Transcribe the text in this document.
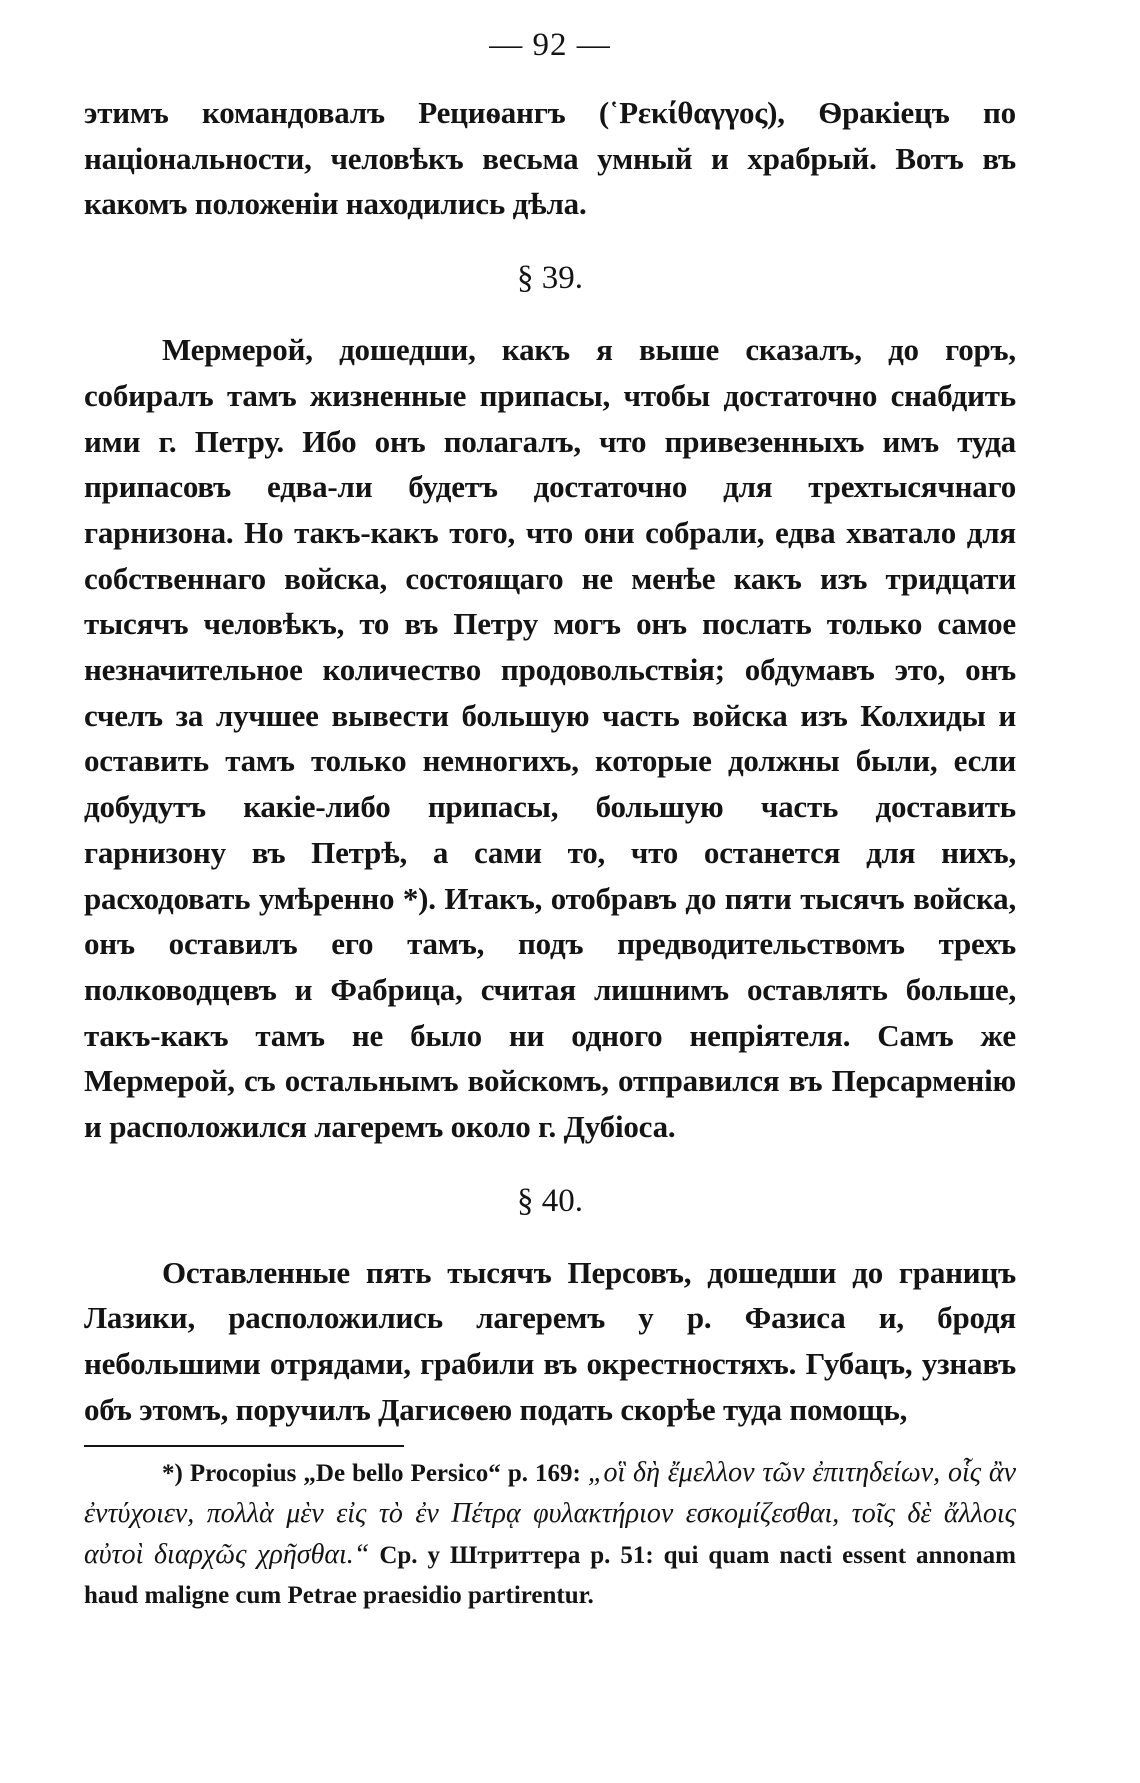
— 92 —

этимъ командовалъ Рециѳангъ (῾Ρεκίθαγγος), Ѳракіецъ по національности, человѣкъ весьма умный и храбрый. Вотъ въ какомъ положеніи находились дѣла.

§ 39.

Мермерой, дошедши, какъ я выше сказалъ, до горъ, собиралъ тамъ жизненные припасы, чтобы достаточно снабдить ими г. Петру. Ибо онъ полагалъ, что привезенныхъ имъ туда припасовъ едва-ли будетъ достаточно для трехтысячнаго гарнизона. Но такъ-какъ того, что они собрали, едва хватало для собственнаго войска, состоящаго не менѣе какъ изъ тридцати тысячъ человѣкъ, то въ Петру могъ онъ послать только самое незначительное количество продовольствія; обдумавъ это, онъ счелъ за лучшее вывести большую часть войска изъ Колхиды и оставить тамъ только немногихъ, которые должны были, если добудутъ какіе-либо припасы, большую часть доставить гарнизону въ Петрѣ, а сами то, что останется для нихъ, расходовать умѣренно *). Итакъ, отобравъ до пяти тысячъ войска, онъ оставилъ его тамъ, подъ предводительствомъ трехъ полководцевъ и Фабрица, считая лишнимъ оставлять больше, такъ-какъ тамъ не было ни одного непріятеля. Самъ же Мермерой, съ остальнымъ войскомъ, отправился въ Персарменію и расположился лагеремъ около г. Дубіоса.

§ 40.

Оставленные пять тысячъ Персовъ, дошедши до границъ Лазики, расположились лагеремъ у р. Фазиса и, бродя небольшими отрядами, грабили въ окрестностяхъ. Губацъ, узнавъ объ этомъ, поручилъ Дагисѳею подать скорѣе туда помощь,

*) Procopius „De bello Persico“ p. 169: „οἳ δὴ ἔμελλον τῶν ἐπιτηδείων, οἷς ἂν ἐντύχοιεν, πολλὰ μὲν εἰς τὸ ἐν Πέτρᾳ φυλακτήριον εσκομίζεσθαι, τοῖς δὲ ἄλλοις αὐτοὶ διαρχῶς χρῆσθαι.“ Ср. у Штриттера p. 51: qui quam nacti essent annonam haud maligne cum Petrae praesidio partirentur.
